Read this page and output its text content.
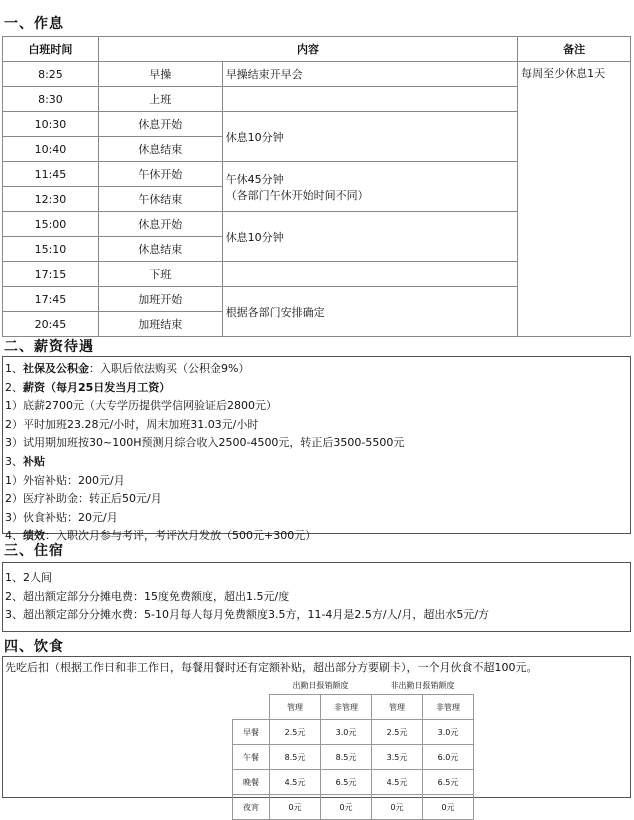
一、作息
白班时间	内容		备注
8:25	早操	早操结束开早会	每周至少休息1天
8:30	上班		
10:30	休息开始	休息10分钟	
10:40	休息结束		
11:45	午休开始	午休45分钟
（各部门午休开始时间不同）	

12:30	午休结束		
15:00	休息开始	休息10分钟	
15:10	休息结束		
17:15	下班		
17:45	加班开始	根据各部门安排确定	
20:45	加班结束		
二、薪资待遇
1、社保及公积金：入职后依法购买（公积金9%）
2、薪资（每月25日发当月工资）
1）底薪2700元（大专学历提供学信网验证后2800元）
2）平时加班23.28元/小时，周末加班31.03元/小时
3）试用期加班按30~100H预测月综合收入2500-4500元，转正后3500-5500元
3、补贴
1）外宿补贴：200元/月
2）医疗补助金：转正后50元/月
3）伙食补贴：20元/月
4、绩效：入职次月参与考评，考评次月发放（500元+300元）
三、住宿
1、2人间
2、超出额定部分分摊电费：15度免费额度，超出1.5元/度
3、超出额定部分分摊水费：5-10月每人每月免费额度3.5方，11-4月是2.5方/人/月，超出水5元/方
四、饮食
先吃后扣（根据工作日和非工作日，每餐用餐时还有定额补贴，超出部分方要刷卡），一个月伙食不超100元。
	出勤日报销额度		非出勤日报销额度	
	管理	非管理	管理	非管理
早餐	2.5元	3.0元	2.5元	3.0元
午餐	8.5元	8.5元	3.5元	6.0元
晚餐	4.5元	6.5元	4.5元	6.5元
夜宵	0元	0元	0元	0元
